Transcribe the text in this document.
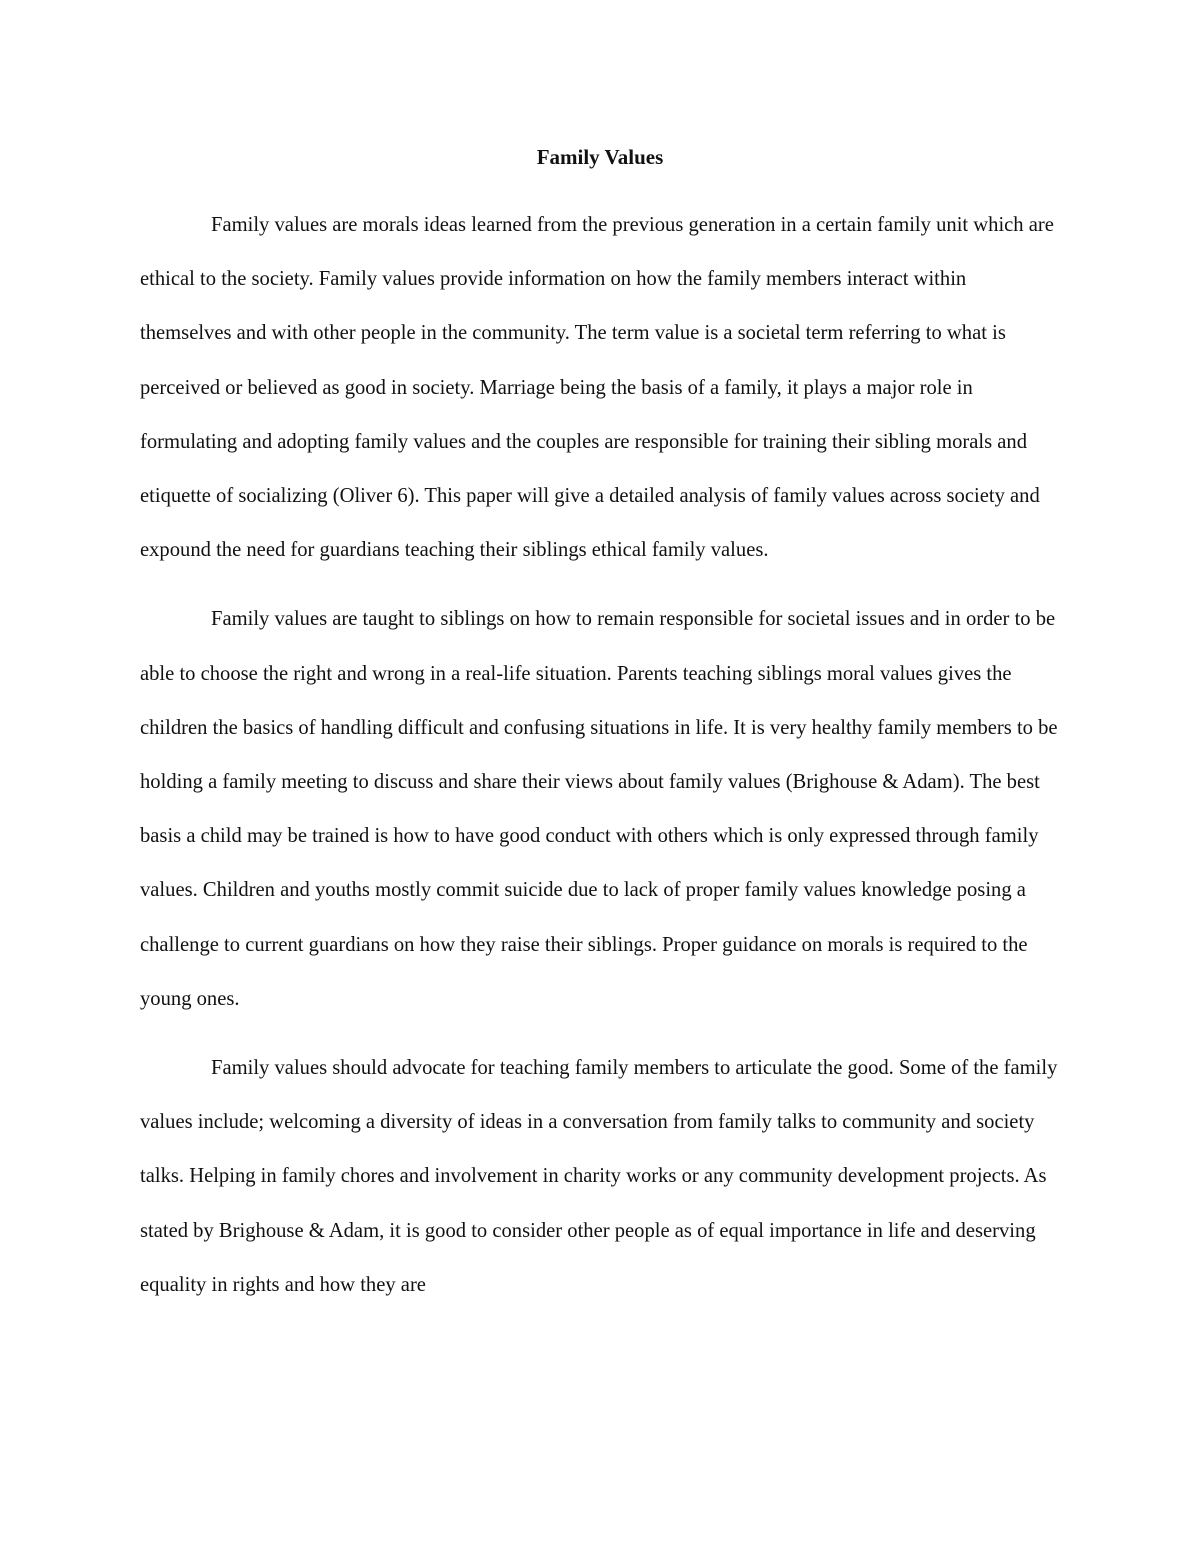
Family Values

Family values are morals ideas learned from the previous generation in a certain family unit which are ethical to the society. Family values provide information on how the family members interact within themselves and with other people in the community. The term value is a societal term referring to what is perceived or believed as good in society. Marriage being the basis of a family, it plays a major role in formulating and adopting family values and the couples are responsible for training their sibling morals and etiquette of socializing (Oliver 6). This paper will give a detailed analysis of family values across society and expound the need for guardians teaching their siblings ethical family values.

Family values are taught to siblings on how to remain responsible for societal issues and in order to be able to choose the right and wrong in a real-life situation. Parents teaching siblings moral values gives the children the basics of handling difficult and confusing situations in life. It is very healthy family members to be holding a family meeting to discuss and share their views about family values (Brighouse & Adam). The best basis a child may be trained is how to have good conduct with others which is only expressed through family values. Children and youths mostly commit suicide due to lack of proper family values knowledge posing a challenge to current guardians on how they raise their siblings. Proper guidance on morals is required to the young ones.

Family values should advocate for teaching family members to articulate the good. Some of the family values include; welcoming a diversity of ideas in a conversation from family talks to community and society talks. Helping in family chores and involvement in charity works or any community development projects. As stated by Brighouse & Adam, it is good to consider other people as of equal importance in life and deserving equality in rights and how they are
